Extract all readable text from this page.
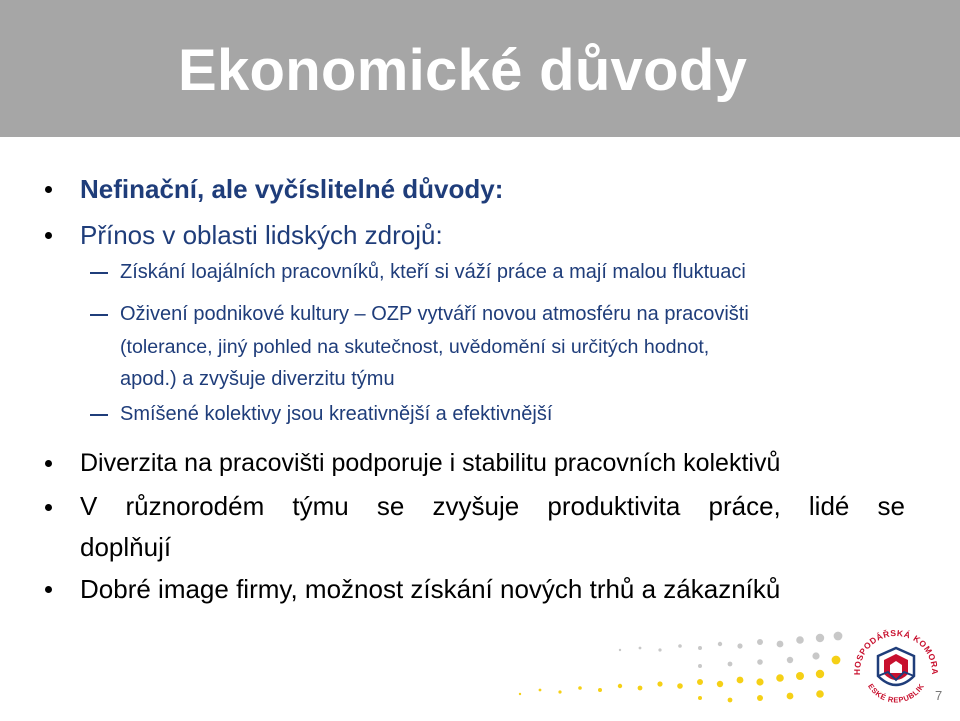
Ekonomické důvody
Nefinační, ale vyčíslitelné důvody:
Přínos v oblasti lidských zdrojů:
Získání loajálních pracovníků, kteří si váží práce a mají malou fluktuaci
Oživení podnikové kultury – OZP vytváří novou atmosféru na pracovišti
(tolerance, jiný pohled na skutečnost, uvědomění si určitých hodnot,
apod.) a zvyšuje diverzitu týmu
Smíšené kolektivy jsou kreativnější a efektivnější
Diverzita na pracovišti podporuje i stabilitu pracovních kolektivů
V různorodém týmu se zvyšuje produktivita práce, lidé se
doplňují
Dobré image firmy, možnost získání nových trhů a zákazníků
HOSPODÁŘSKÁ KOMORA
ESKÉ REPUBLIK
7
